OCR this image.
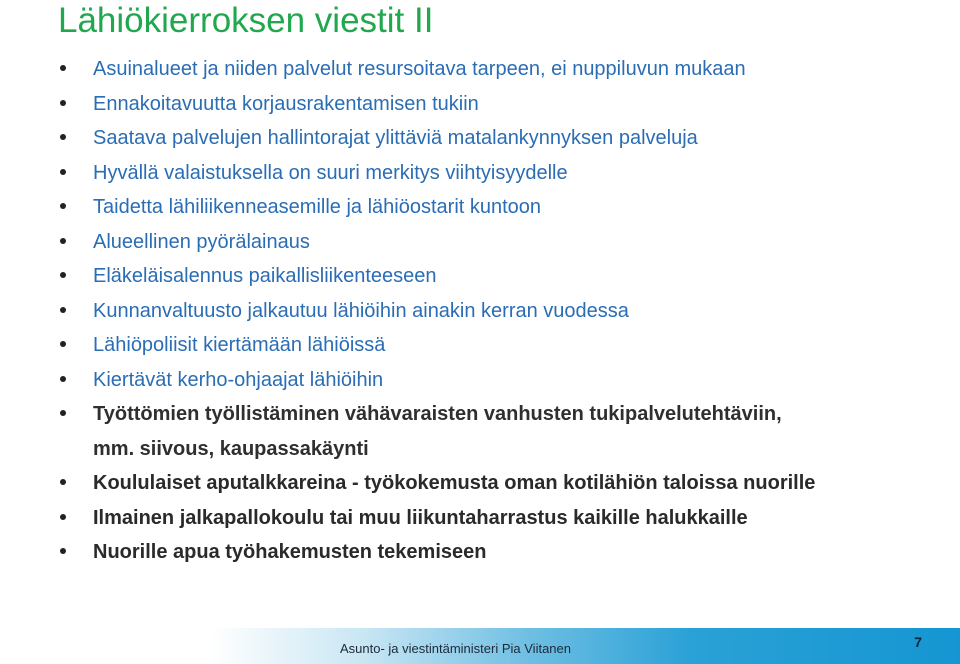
Lähiökierroksen viestit II
Asuinalueet ja niiden palvelut resursoitava tarpeen, ei nuppiluvun mukaan
Ennakoitavuutta korjausrakentamisen tukiin
Saatava palvelujen hallintorajat ylittäviä matalankynnyksen palveluja
Hyvällä valaistuksella on suuri merkitys viihtyisyydelle
Taidetta lähiliikenneasemille ja lähiöostarit kuntoon
Alueellinen pyörälainaus
Eläkeläisalennus paikallisliikenteeseen
Kunnanvaltuusto jalkautuu lähiöihin ainakin kerran vuodessa
Lähiöpoliisit kiertämään lähiöissä
Kiertävät kerho-ohjaajat lähiöihin
Työttömien työllistäminen vähävaraisten vanhusten tukipalvelutehtäviin,
mm. siivous, kaupassakäynti
Koululaiset aputalkkareina - työkokemusta oman kotilähiön taloissa nuorille
Ilmainen jalkapallokoulu tai muu liikuntaharrastus kaikille halukkaille
Nuorille apua työhakemusten tekemiseen
Asunto- ja viestintäministeri Pia Viitanen	7
